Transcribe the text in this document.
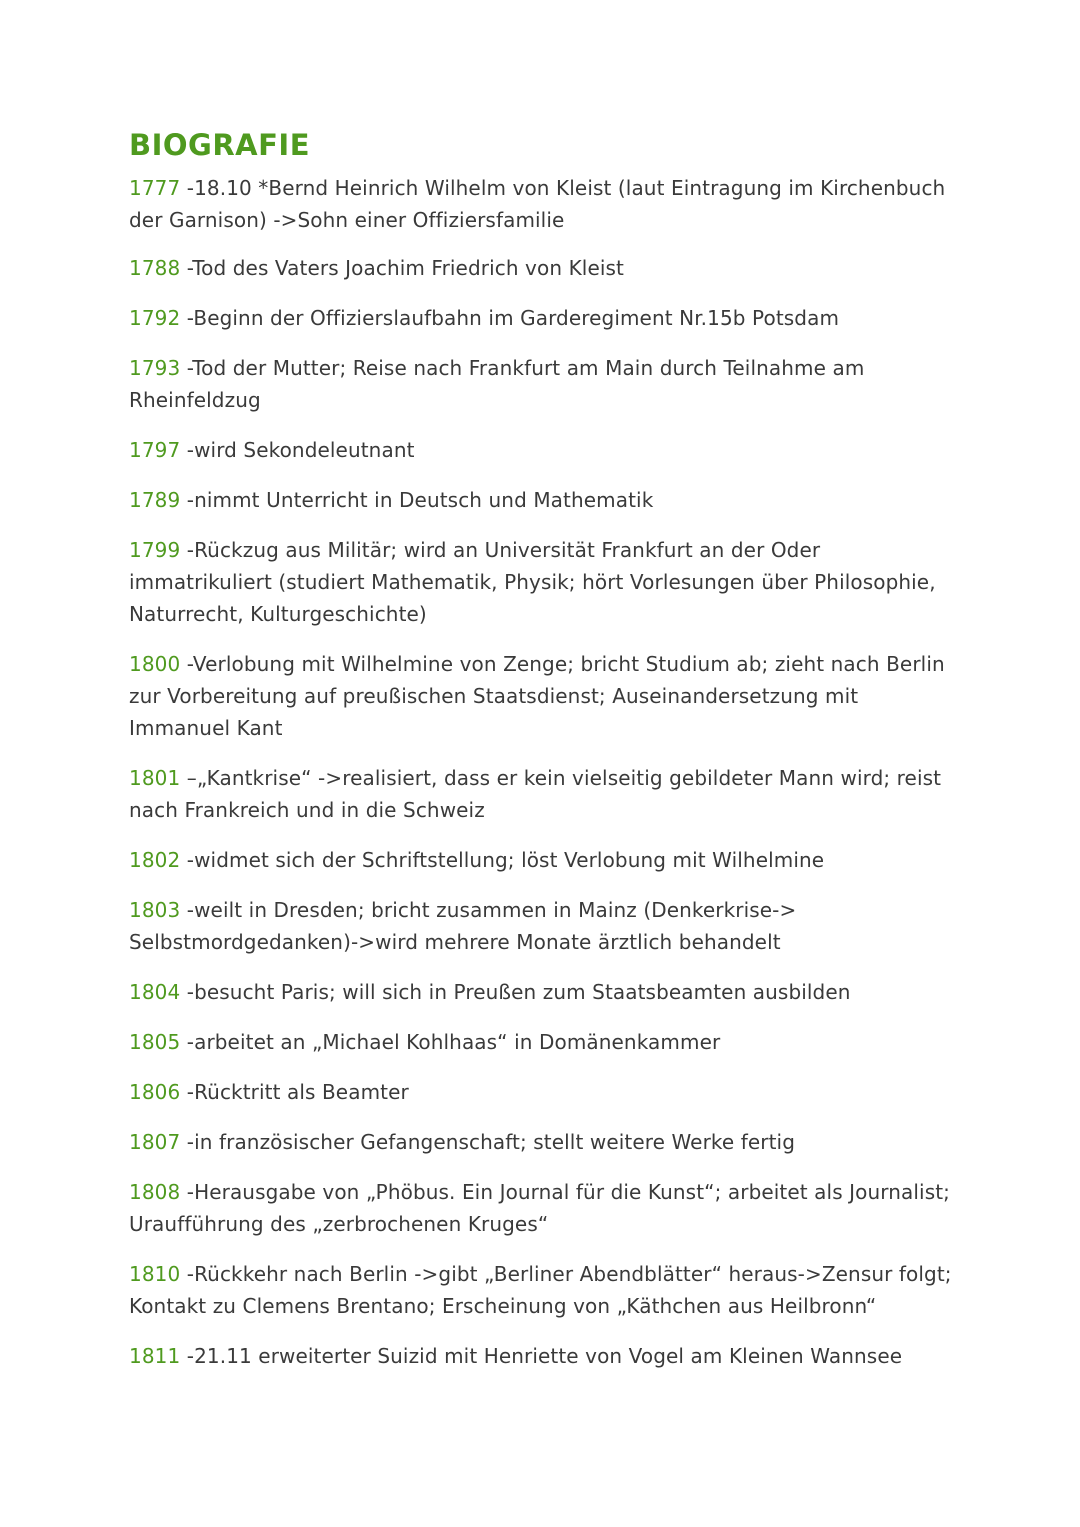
BIOGRAFIE

1777 -18.10 *Bernd Heinrich Wilhelm von Kleist (laut Eintragung im Kirchenbuch der Garnison) ->Sohn einer Offiziersfamilie

1788 -Tod des Vaters Joachim Friedrich von Kleist

1792 -Beginn der Offizierslaufbahn im Garderegiment Nr.15b Potsdam

1793 -Tod der Mutter; Reise nach Frankfurt am Main durch Teilnahme am Rheinfeldzug

1797 -wird Sekondeleutnant

1789 -nimmt Unterricht in Deutsch und Mathematik

1799 -Rückzug aus Militär; wird an Universität Frankfurt an der Oder immatrikuliert (studiert Mathematik, Physik; hört Vorlesungen über Philosophie, Naturrecht, Kulturgeschichte)

1800 -Verlobung mit Wilhelmine von Zenge; bricht Studium ab; zieht nach Berlin zur Vorbereitung auf preußischen Staatsdienst; Auseinandersetzung mit Immanuel Kant

1801 –„Kantkrise“ ->realisiert, dass er kein vielseitig gebildeter Mann wird; reist nach Frankreich und in die Schweiz

1802 -widmet sich der Schriftstellung; löst Verlobung mit Wilhelmine

1803 -weilt in Dresden; bricht zusammen in Mainz (Denkerkrise-> Selbstmordgedanken)->wird mehrere Monate ärztlich behandelt

1804 -besucht Paris; will sich in Preußen zum Staatsbeamten ausbilden

1805 -arbeitet an „Michael Kohlhaas“ in Domänenkammer

1806 -Rücktritt als Beamter

1807 -in französischer Gefangenschaft; stellt weitere Werke fertig

1808 -Herausgabe von „Phöbus. Ein Journal für die Kunst“; arbeitet als Journalist; Uraufführung des „zerbrochenen Kruges“

1810 -Rückkehr nach Berlin ->gibt „Berliner Abendblätter“ heraus->Zensur folgt; Kontakt zu Clemens Brentano; Erscheinung von „Käthchen aus Heilbronn“

1811 -21.11 erweiterter Suizid mit Henriette von Vogel am Kleinen Wannsee
